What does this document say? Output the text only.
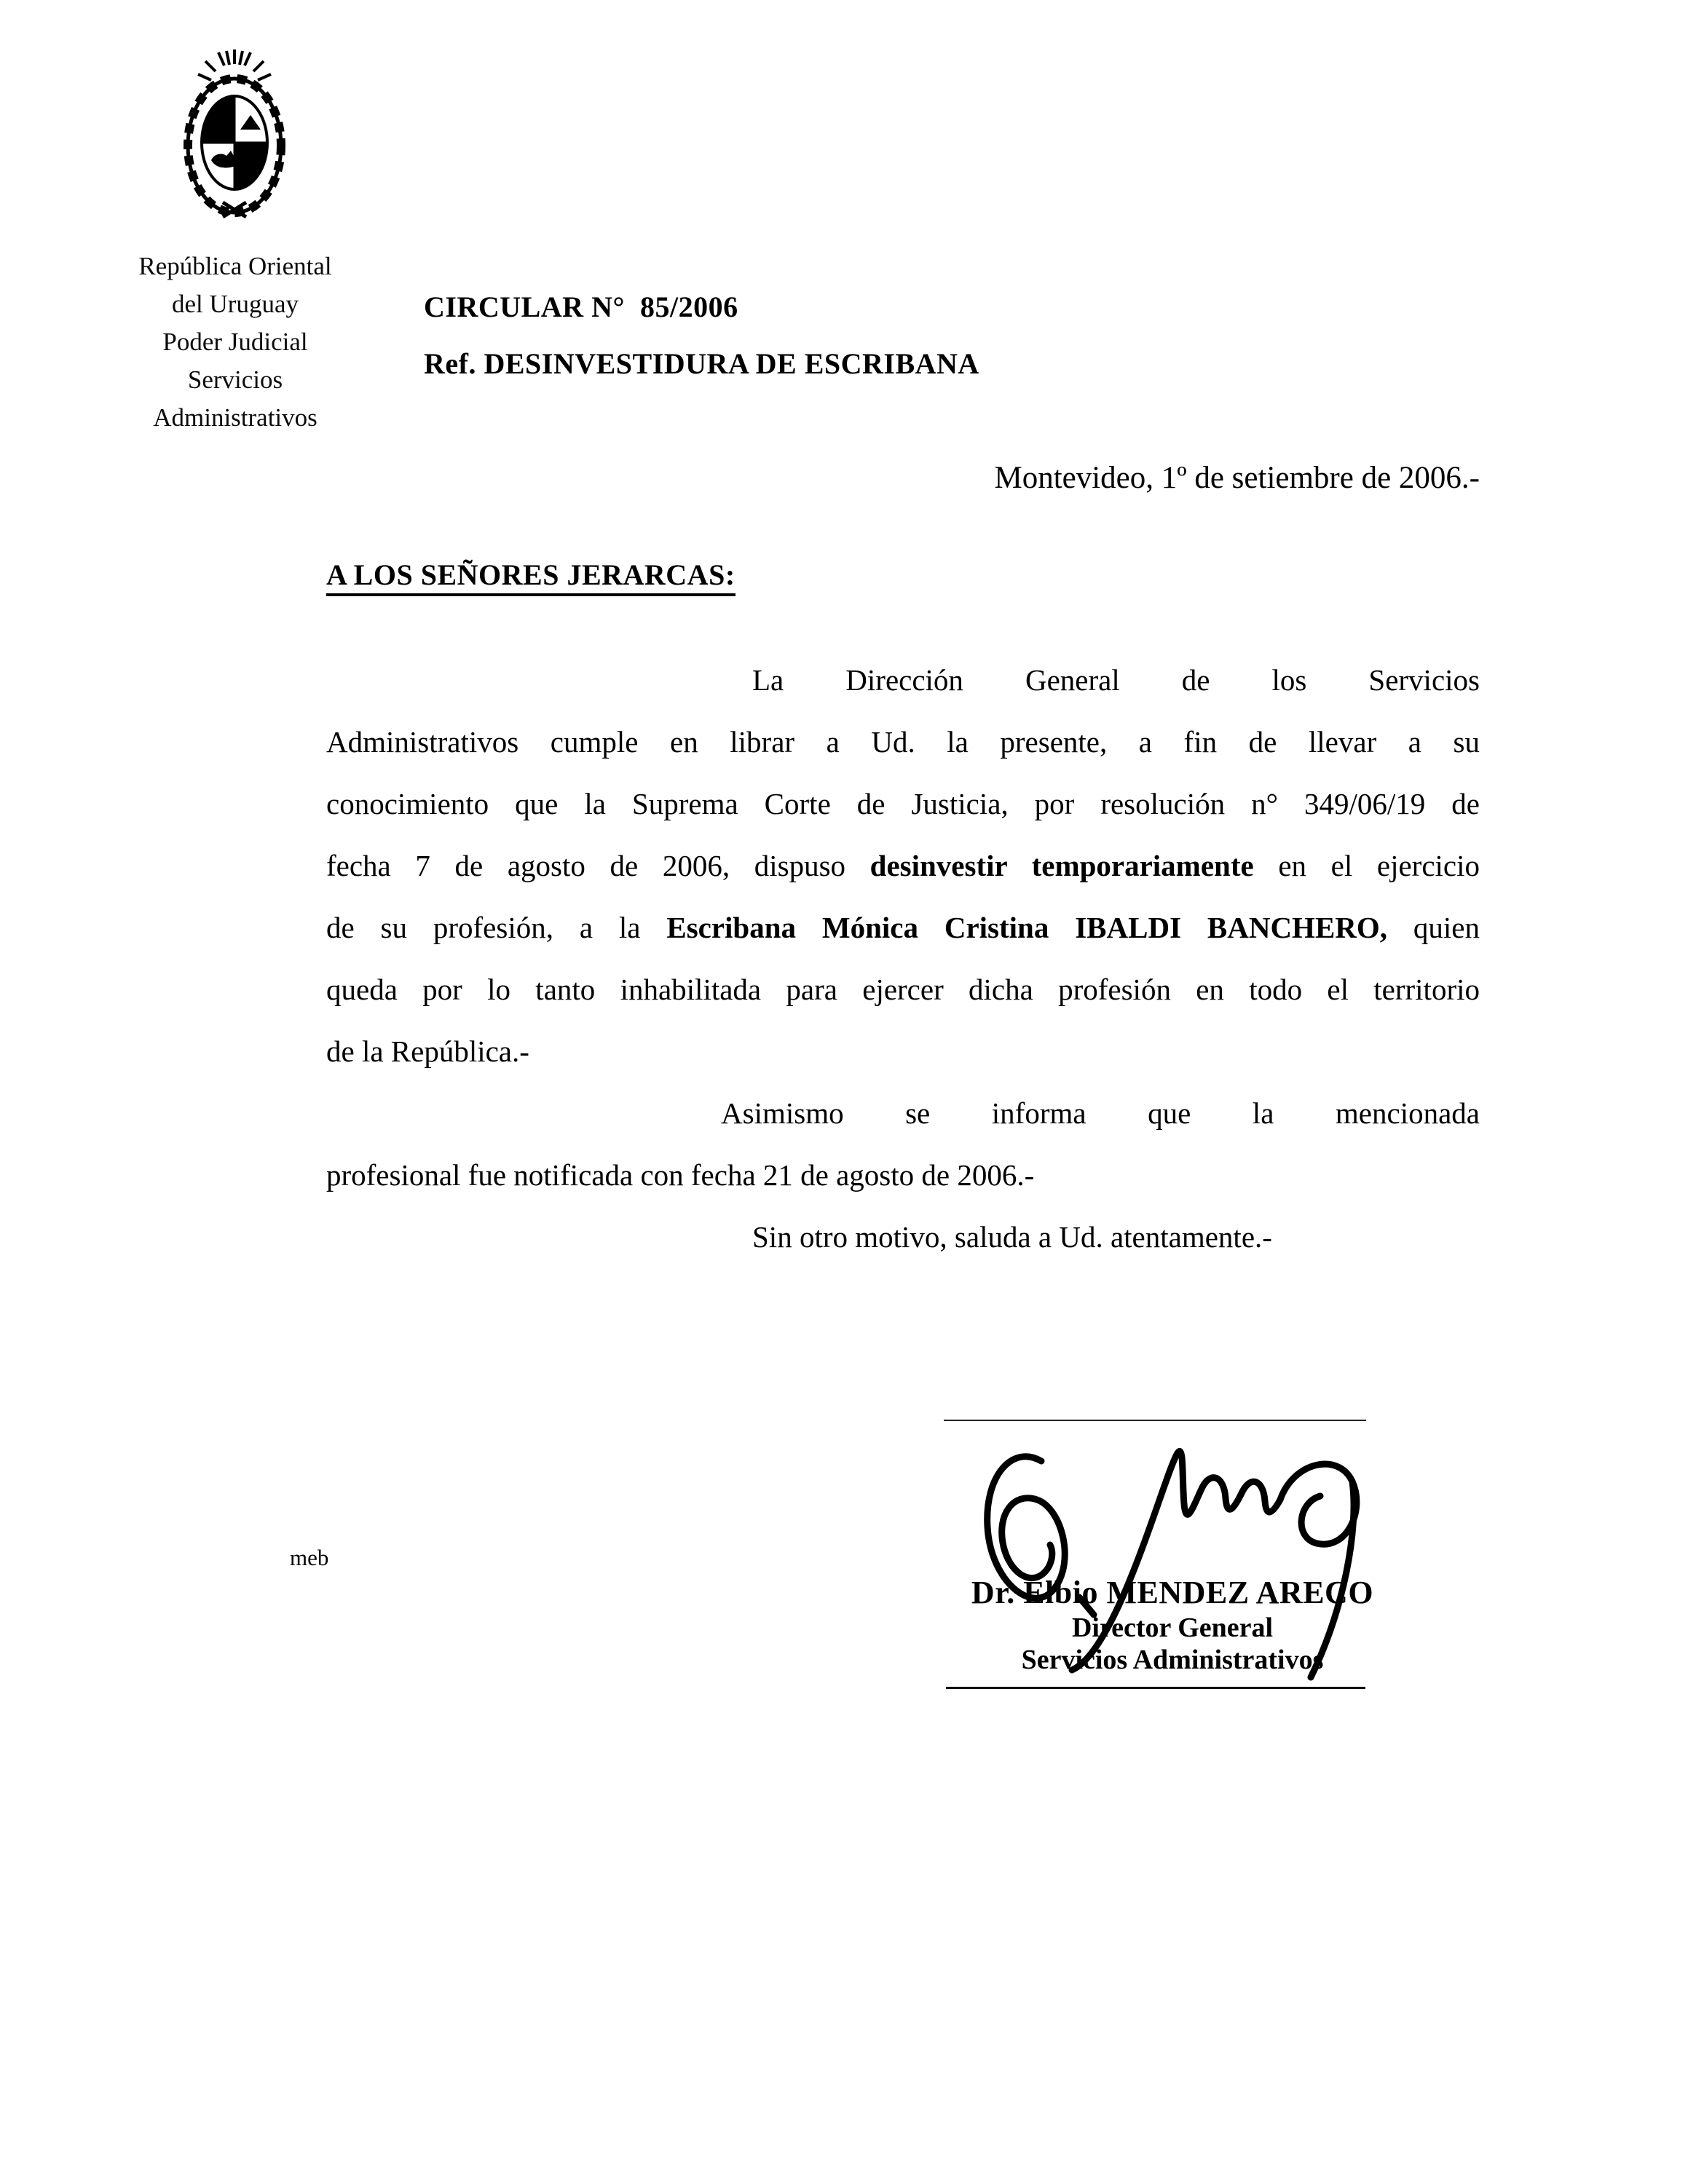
República Oriental
del Uruguay
Poder Judicial
Servicios
Administrativos
CIRCULAR N°  85/2006
Ref. DESINVESTIDURA DE ESCRIBANA
Montevideo, 1º de setiembre de 2006.-
A LOS SEÑORES JERARCAS:
La Dirección General de los Servicios
Administrativos cumple en librar a Ud. la presente, a fin de llevar a su
conocimiento que la Suprema Corte de Justicia, por resolución n° 349/06/19 de
fecha 7 de agosto de 2006, dispuso desinvestir temporariamente en el ejercicio
de su profesión, a la Escribana Mónica Cristina IBALDI BANCHERO, quien
queda por lo tanto inhabilitada para ejercer dicha profesión en todo el territorio
de la República.-
Asimismo se informa que la mencionada
profesional fue notificada con fecha 21 de agosto de 2006.-
Sin otro motivo, saluda a Ud. atentamente.-
meb
Dr. Elbio MENDEZ ARECO
Director General
Servicios Administrativos
